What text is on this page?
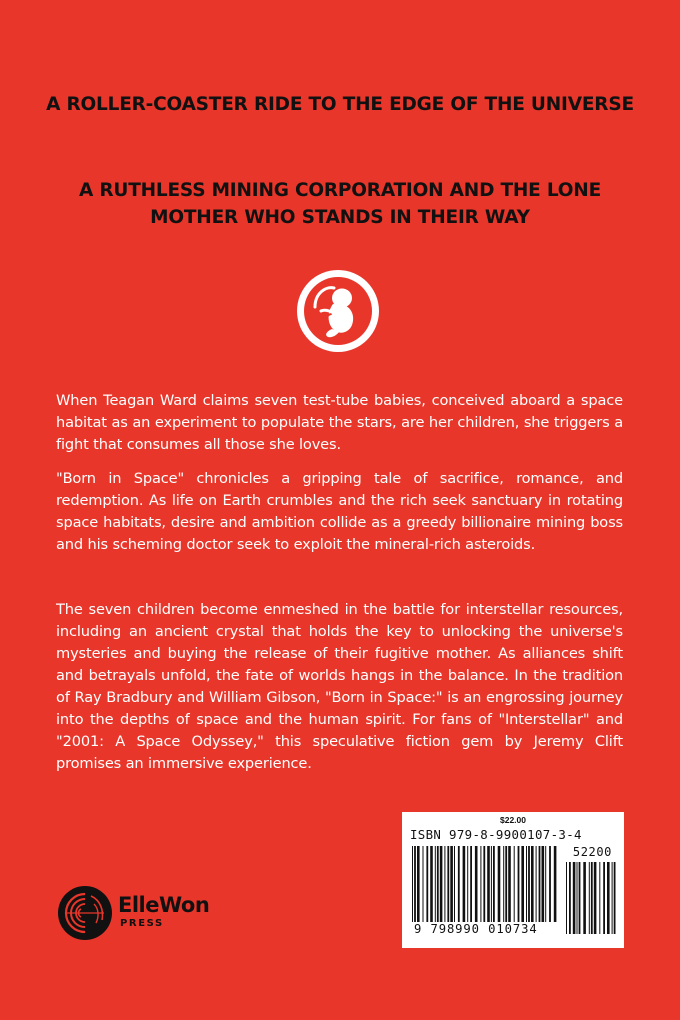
A ROLLER-COASTER RIDE TO THE EDGE OF THE UNIVERSE
A RUTHLESS MINING CORPORATION AND THE LONE MOTHER WHO STANDS IN THEIR WAY

When Teagan Ward claims seven test-tube babies, conceived aboard a space habitat as an experiment to populate the stars, are her children, she triggers a fight that consumes all those she loves.

"Born in Space" chronicles a gripping tale of sacrifice, romance, and redemption. As life on Earth crumbles and the rich seek sanctuary in rotating space habitats, desire and ambition collide as a greedy billionaire mining boss and his scheming doctor seek to exploit the mineral-rich asteroids.

The seven children become enmeshed in the battle for interstellar resources, including an ancient crystal that holds the key to unlocking the universe's mysteries and buying the release of their fugitive mother. As alliances shift and betrayals unfold, the fate of worlds hangs in the balance. In the tradition of Ray Bradbury and William Gibson, "Born in Space:" is an engrossing journey into the depths of space and the human spirit. For fans of "Interstellar" and "2001: A Space Odyssey," this speculative fiction gem by Jeremy Clift promises an immersive experience.

ElleWon
PRESS
$22.00
ISBN 979-8-9900107-3-4
52200
9 798990 010734
